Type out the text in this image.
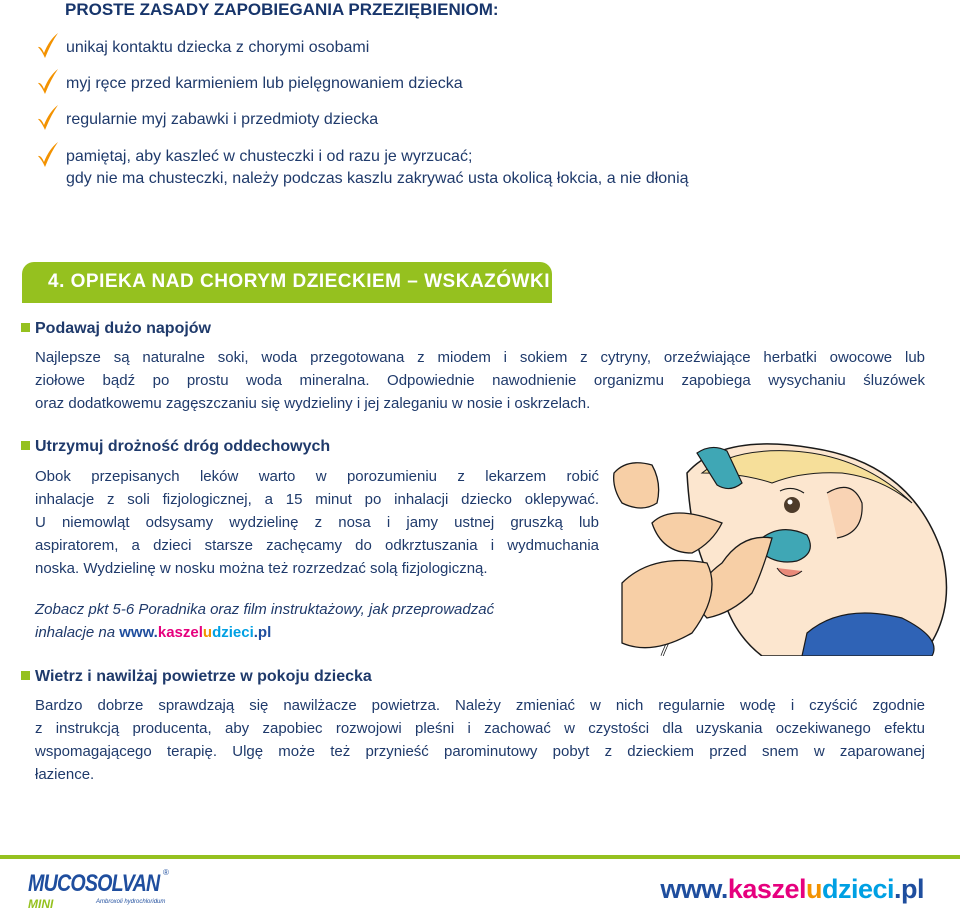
PROSTE ZASADY ZAPOBIEGANIA PRZEZIĘBIENIOM:
unikaj kontaktu dziecka z chorymi osobami
myj ręce przed karmieniem lub pielęgnowaniem dziecka
regularnie myj zabawki i przedmioty dziecka
pamiętaj, aby kaszleć w chusteczki i od razu je wyrzucać;
gdy nie ma chusteczki, należy podczas kaszlu zakrywać usta okolicą łokcia, a nie dłonią
4. OPIEKA NAD CHORYM DZIECKIEM – WSKAZÓWKI
Podawaj dużo napojów
Najlepsze są naturalne soki, woda przegotowana z miodem i sokiem z cytryny, orzeźwiające herbatki owocowe lub
ziołowe bądź po prostu woda mineralna. Odpowiednie nawodnienie organizmu zapobiega wysychaniu śluzówek
oraz dodatkowemu zagęszczaniu się wydzieliny i jej zaleganiu w nosie i oskrzelach.
Utrzymuj drożność dróg oddechowych
Obok przepisanych leków warto w porozumieniu z lekarzem robić
inhalacje z soli fizjologicznej, a 15 minut po inhalacji dziecko oklepywać.
U niemowląt odsysamy wydzielinę z nosa i jamy ustnej gruszką lub
aspiratorem, a dzieci starsze zachęcamy do odkrztuszania i wydmuchania
noska. Wydzielinę w nosku można też rozrzedzać solą fizjologiczną.
Zobacz pkt 5-6 Poradnika oraz film instruktażowy, jak przeprowadzać
inhalacje na www.kaszeludzieci.pl
Wietrz i nawilżaj powietrze w pokoju dziecka
Bardzo dobrze sprawdzają się nawilżacze powietrza. Należy zmieniać w nich regularnie wodę i czyścić zgodnie
z instrukcją producenta, aby zapobiec rozwojowi pleśni i zachować w czystości dla uzyskania oczekiwanego efektu
wspomagającego terapię. Ulgę może też przynieść parominutowy pobyt z dzieckiem przed snem w zaparowanej
łazience.
MUCOSOLVAN ®
MINI	Ambroxoli hydrochloridum	www.kaszeludzieci.pl
